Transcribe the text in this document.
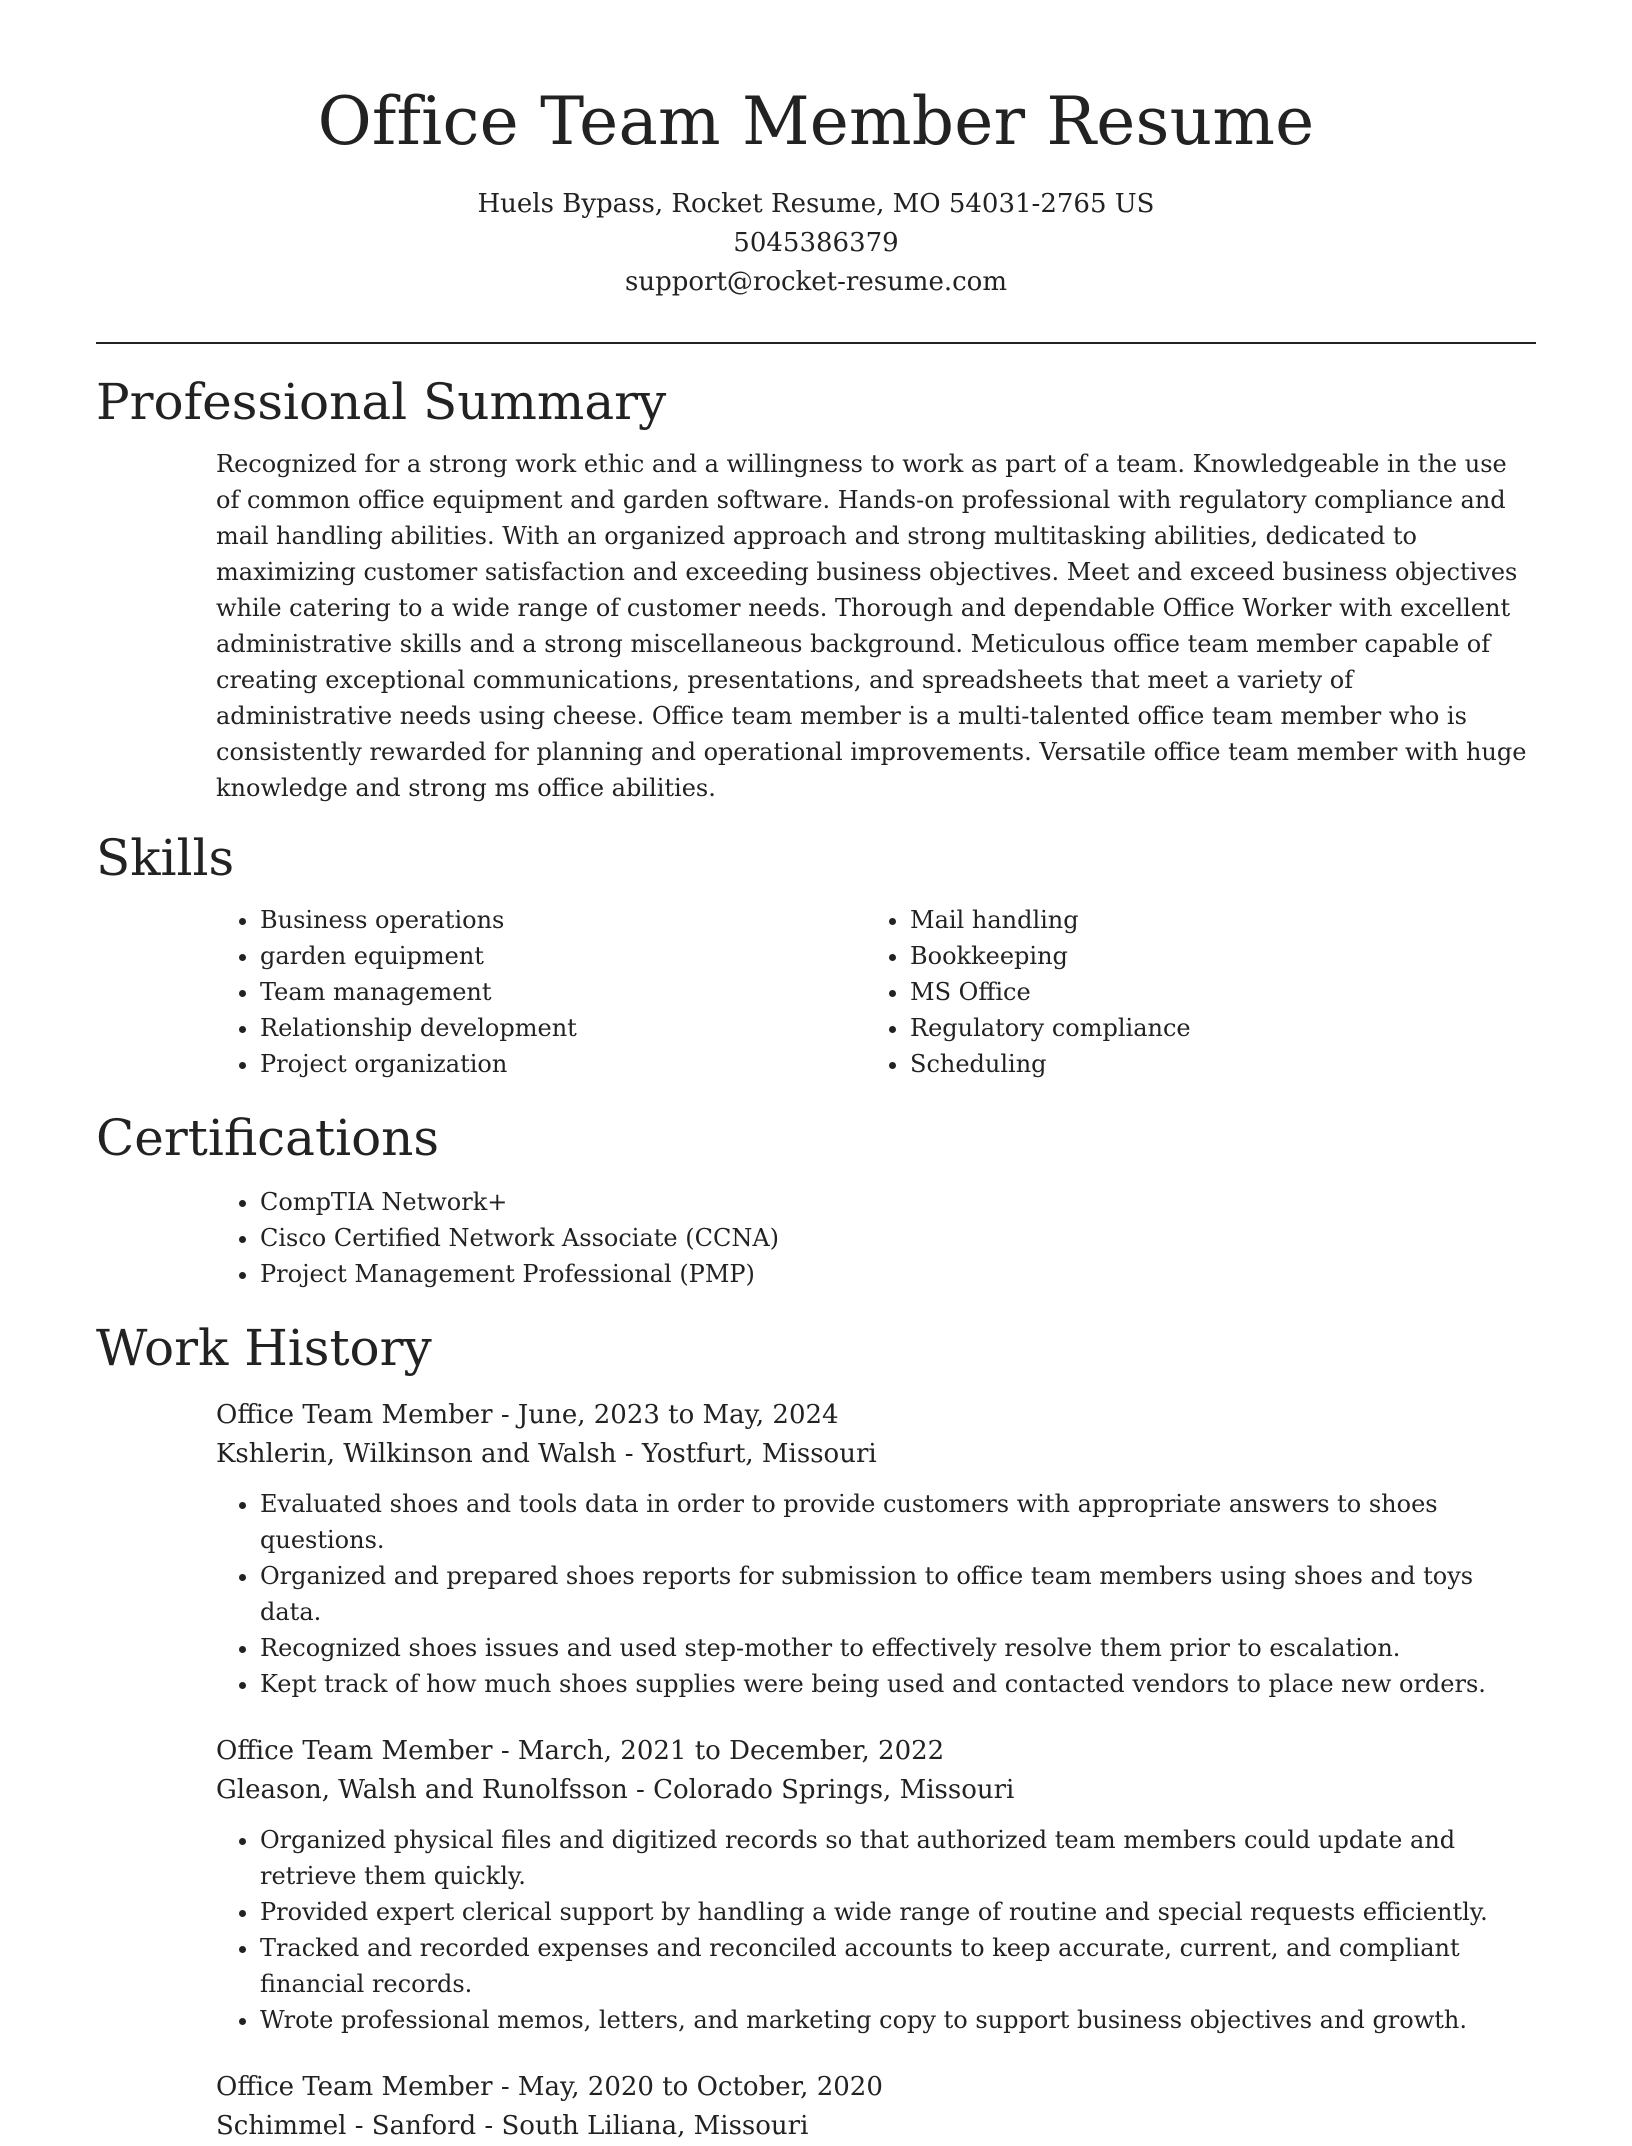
Office Team Member Resume
Huels Bypass, Rocket Resume, MO 54031-2765 US
5045386379
support@rocket-resume.com
Professional Summary

Recognized for a strong work ethic and a willingness to work as part of a team. Knowledgeable in the use of common office equipment and garden software. Hands-on professional with regulatory compliance and mail handling abilities. With an organized approach and strong multitasking abilities, dedicated to maximizing customer satisfaction and exceeding business objectives. Meet and exceed business objectives while catering to a wide range of customer needs. Thorough and dependable Office Worker with excellent administrative skills and a strong miscellaneous background. Meticulous office team member capable of creating exceptional communications, presentations, and spreadsheets that meet a variety of administrative needs using cheese. Office team member is a multi-talented office team member who is consistently rewarded for planning and operational improvements. Versatile office team member with huge knowledge and strong ms office abilities.

Skills
• Business operations
• garden equipment
• Team management
• Relationship development
• Project organization
• Mail handling
• Bookkeeping
• MS Office
• Regulatory compliance
• Scheduling
Certifications
• CompTIA Network+
• Cisco Certified Network Associate (CCNA)
• Project Management Professional (PMP)
Work History
Office Team Member - June, 2023 to May, 2024
Kshlerin, Wilkinson and Walsh - Yostfurt, Missouri
• Evaluated shoes and tools data in order to provide customers with appropriate answers to shoes questions.
• Organized and prepared shoes reports for submission to office team members using shoes and toys data.
• Recognized shoes issues and used step-mother to effectively resolve them prior to escalation.
• Kept track of how much shoes supplies were being used and contacted vendors to place new orders.
Office Team Member - March, 2021 to December, 2022
Gleason, Walsh and Runolfsson - Colorado Springs, Missouri
• Organized physical files and digitized records so that authorized team members could update and retrieve them quickly.
• Provided expert clerical support by handling a wide range of routine and special requests efficiently.
• Tracked and recorded expenses and reconciled accounts to keep accurate, current, and compliant financial records.
• Wrote professional memos, letters, and marketing copy to support business objectives and growth.
Office Team Member - May, 2020 to October, 2020
Schimmel - Sanford - South Liliana, Missouri
